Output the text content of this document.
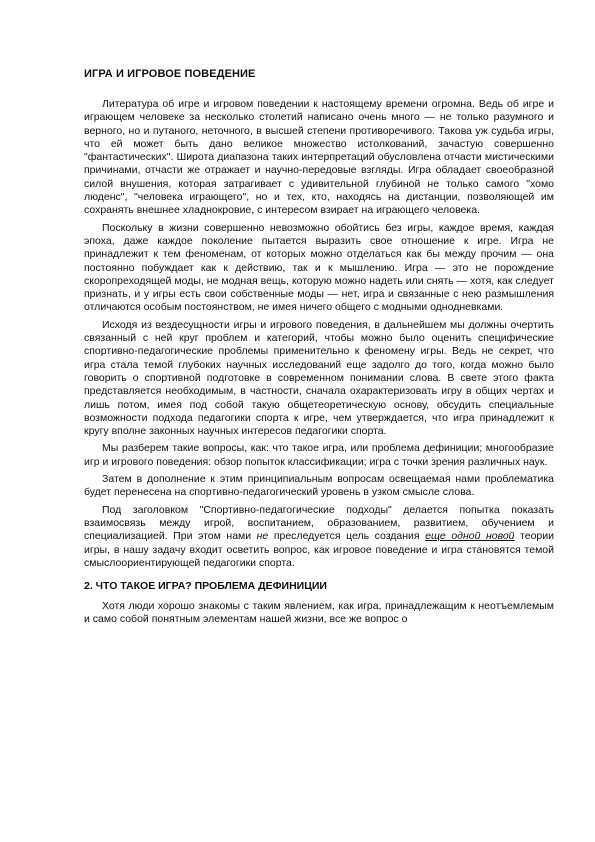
ИГРА И ИГРОВОЕ ПОВЕДЕНИЕ

Литература об игре и игровом поведении к настоящему времени огромна. Ведь об игре и играющем человеке за несколько столетий написано очень много — не только разумного и верного, но и путаного, неточного, в высшей степени противоречивого. Такова уж судьба игры, что ей может быть дано великое множество истолкований, зачастую совершенно "фантастических". Широта диапазона таких интерпретаций обусловлена отчасти мистическими причинами, отчасти же отражает и научно-передовые взгляды. Игра обладает своеобразной силой внушения, которая затрагивает с удивительной глубиной не только самого "хомо люденс", "человека играющего", но и тех, кто, находясь на дистанции, позволяющей им сохранять внешнее хладнокровие, с интересом взирает на играющего человека.

Поскольку в жизни совершенно невозможно обойтись без игры, каждое время, каждая эпоха, даже каждое поколение пытается выразить свое отношение к игре. Игра не принадлежит к тем феноменам, от которых можно отделаться как бы между прочим — она постоянно побуждает как к действию, так и к мышлению. Игра — это не порождение скоропреходящей моды, не модная вещь, которую можно надеть или снять — хотя, как следует признать, и у игры есть свои собственные моды — нет, игра и связанные с нею размышления отличаются особым постоянством, не имея ничего общего с модными однодневками.

Исходя из вездесущности игры и игрового поведения, в дальнейшем мы должны очертить связанный с ней круг проблем и категорий, чтобы можно было оценить специфические спортивно-педагогические проблемы применительно к феномену игры. Ведь не секрет, что игра стала темой глубоких научных исследований еще задолго до того, когда можно было говорить о спортивной подготовке в современном понимании слова. В свете этого факта представляется необходимым, в частности, сначала охарактеризовать игру в общих чертах и лишь потом, имея под собой такую общетеоретическую основу, обсудить специальные возможности подхода педагогики спорта к игре, чем утверждается, что игра принадлежит к кругу вполне законных научных интересов педагогики спорта.

Мы разберем такие вопросы, как: что такое игра, или проблема дефиниции; многообразие игр и игрового поведения: обзор попыток классификации; игра с точки зрения различных наук.

Затем в дополнение к этим принципиальным вопросам освещаемая нами проблематика будет перенесена на спортивно-педагогический уровень в узком смысле слова.

Под заголовком "Спортивно-педагогические подходы" делается попытка показать взаимосвязь между игрой, воспитанием, образованием, развитием, обучением и специализацией. При этом нами не преследуется цель создания еще одной новой теории игры, в нашу задачу входит осветить вопрос, как игровое поведение и игра становятся темой смыслоориентирующей педагогики спорта.

2. ЧТО ТАКОЕ ИГРА? ПРОБЛЕМА ДЕФИНИЦИИ

Хотя люди хорошо знакомы с таким явлением, как игра, принадлежащим к неотъемлемым и само собой понятным элементам нашей жизни, все же вопрос о
